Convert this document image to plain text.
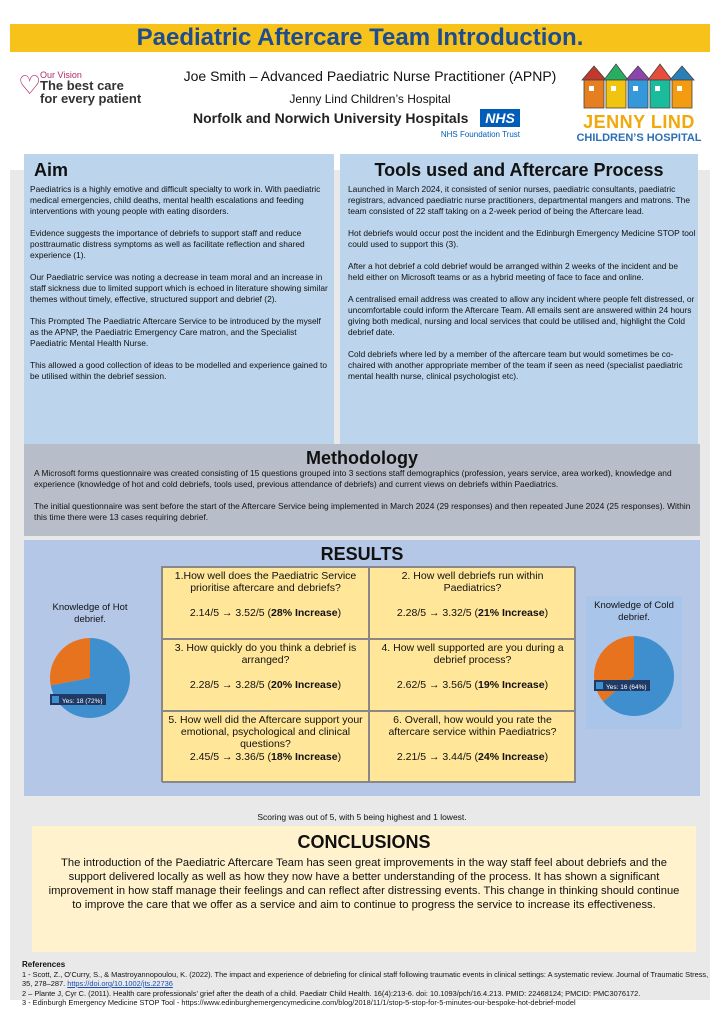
Paediatric Aftercare Team Introduction.
♡
Our Vision
The best care
for every patient
Joe Smith – Advanced Paediatric Nurse Practitioner (APNP)
Jenny Lind Children’s Hospital
Norfolk and Norwich University Hospitals	NHS
NHS Foundation Trust
JENNY LIND
CHILDREN’S HOSPITAL
Aim

Paediatrics is a highly emotive and difficult specialty to work in. With paediatric medical emergencies, child deaths, mental health escalations and feeding interventions with young people with eating disorders.

Evidence suggests the importance of debriefs to support staff and reduce posttraumatic distress symptoms as well as facilitate reflection and shared experience (1).

Our Paediatric service was noting a decrease in team moral and an increase in staff sickness due to limited support which is echoed in literature showing similar themes without timely, effective, structured support and debrief (2).

This Prompted The Paediatric Aftercare Service to be introduced by the myself as the APNP, the Paediatric Emergency Care matron, and the Specialist Paediatric Mental Health Nurse.

This allowed a good collection of ideas to be modelled and experience gained to be utilised within the debrief session.

Tools used and Aftercare Process

Launched in March 2024, it consisted of senior nurses, paediatric consultants, paediatric registrars, advanced paediatric nurse practitioners, departmental mangers and matrons. The team consisted of 22 staff taking on a 2-week period of being the Aftercare lead.

Hot debriefs would occur post the incident and the Edinburgh Emergency Medicine STOP tool could used to support this (3).

After a hot debrief a cold debrief would be arranged within 2 weeks of the incident and be held either on Microsoft teams or as a hybrid meeting of face to face and online.

A centralised email address was created to allow any incident where people felt distressed, or uncomfortable could inform the Aftercare Team. All emails sent are answered within 24 hours giving both medical, nursing and local services that could be utilised and, highlight the Cold debrief date.

Cold debriefs where led by a member of the aftercare team but would sometimes be co-chaired with another appropriate member of the team if seen as need (specialist paediatric mental health nurse, clinical psychologist etc).

Methodology

A Microsoft forms questionnaire was created consisting of 15 questions grouped into 3 sections staff demographics (profession, years service, area worked), knowledge and experience (knowledge of hot and cold debriefs, tools used, previous attendance of debriefs) and current views on debriefs within Paediatrics.

The initial questionnaire was sent before the start of the Aftercare Service being implemented in March 2024 (29 responses) and then repeated June 2024 (25 responses). Within this time there were 13 cases requiring debrief.

RESULTS
Knowledge of Hot debrief.
Yes: 18 (72%)
1.How well does the Paediatric Service prioritise aftercare and debriefs?
2.14/5 → 3.52/5 (28% Increase)
2. How well debriefs run within Paediatrics?
2.28/5 → 3.32/5 (21% Increase)
3. How quickly do you think a debrief is arranged?
2.28/5 → 3.28/5 (20% Increase)
4. How well supported are you during a debrief process?
2.62/5 → 3.56/5 (19% Increase)
5. How well did the Aftercare support your emotional, psychological and clinical questions?
2.45/5 → 3.36/5 (18% Increase)
6. Overall, how would you rate the aftercare service within Paediatrics?
2.21/5 → 3.44/5 (24% Increase)
Knowledge of Cold debrief.
Yes: 16 (64%)
Scoring was out of 5, with 5 being highest and 1 lowest.
CONCLUSIONS
The introduction of the Paediatric Aftercare Team has seen great improvements in the way staff feel about debriefs and the support delivered locally as well as how they now have a better understanding of the process. It has shown a significant improvement in how staff manage their feelings and can reflect after distressing events. This change in thinking should continue to improve the care that we offer as a service and aim to continue to progress the service to increase its effectiveness.
References
1 - Scott, Z., O'Curry, S., & Mastroyannopoulou, K. (2022). The impact and experience of debriefing for clinical staff following traumatic events in clinical settings: A systematic review. Journal of Traumatic Stress, 35, 278–287. https://doi.org/10.1002/jts.22736
2 – Plante J, Cyr C. (2011). Health care professionals' grief after the death of a child. Paediatr Child Health. 16(4):213-6. doi: 10.1093/pch/16.4.213. PMID: 22468124; PMCID: PMC3076172.
3 - Edinburgh Emergency Medicine STOP Tool - https://www.edinburghemergencymedicine.com/blog/2018/11/1/stop-5-stop-for-5-minutes-our-bespoke-hot-debrief-model
